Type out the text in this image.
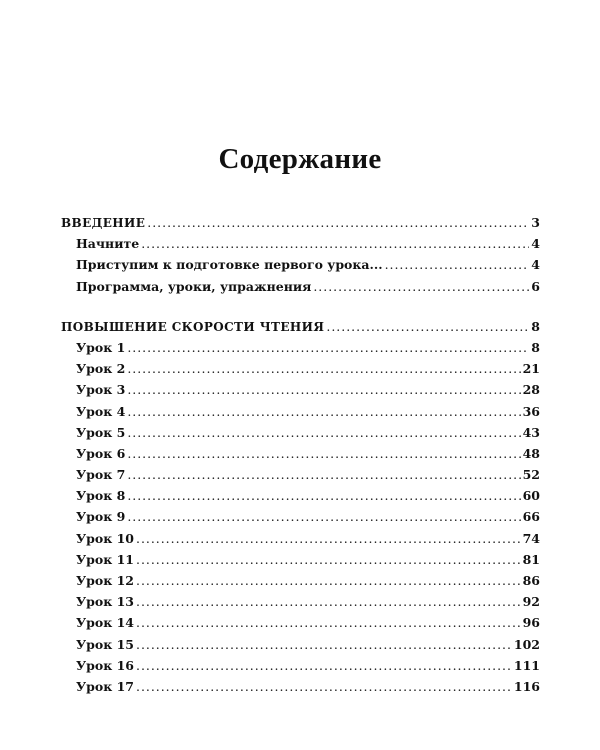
Содержание
ВВЕДЕНИЕ . . .	3
Начните . . .	4
Приступим к подготовке первого урока... . . .	4
Программа, уроки, упражнения . . .	6
ПОВЫШЕНИЕ СКОРОСТИ ЧТЕНИЯ . . .	8
Урок 1 . . .	8
Урок 2 . . .	21
Урок 3 . . .	28
Урок 4 . . .	36
Урок 5 . . .	43
Урок 6 . . .	48
Урок 7 . . .	52
Урок 8 . . .	60
Урок 9 . . .	66
Урок 10 . . .	74
Урок 11 . . .	81
Урок 12 . . .	86
Урок 13 . . .	92
Урок 14 . . .	96
Урок 15 . . .	102
Урок 16 . . .	111
Урок 17 . . .	116
